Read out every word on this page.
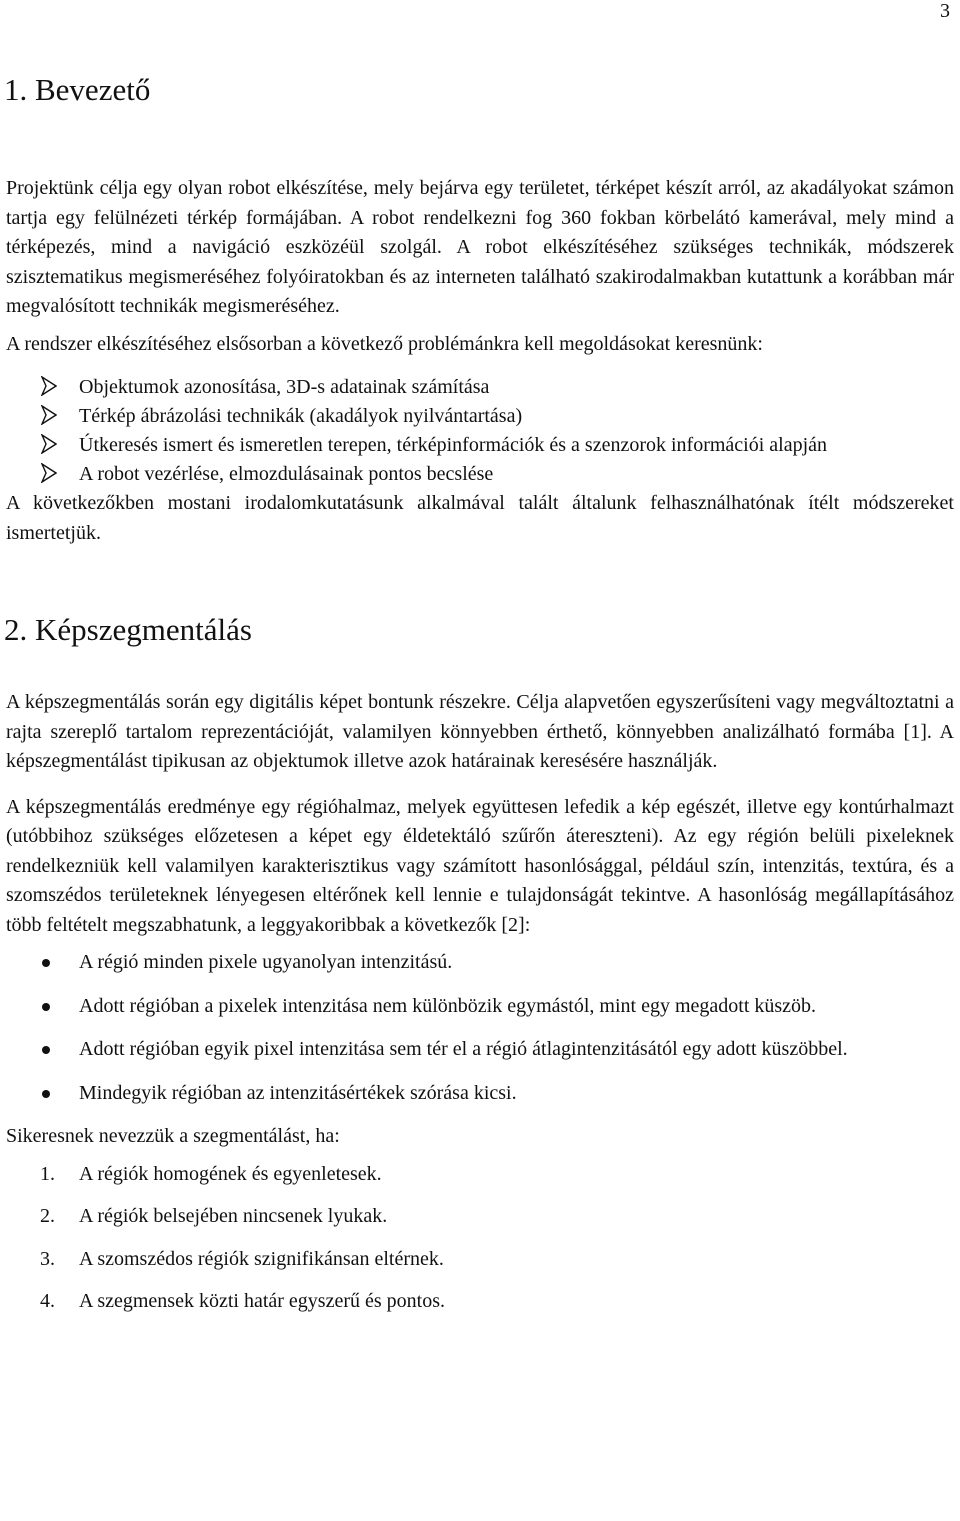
3
1. Bevezető

Projektünk célja egy olyan robot elkészítése, mely bejárva egy területet, térképet készít arról, az akadályokat számon tartja egy felülnézeti térkép formájában. A robot rendelkezni fog 360 fokban körbelátó kamerával, mely mind a térképezés, mind a navigáció eszközéül szolgál. A robot elkészítéséhez szükséges technikák, módszerek szisztematikus megismeréséhez folyóiratokban és az interneten található szakirodalmakban kutattunk a korábban már megvalósított technikák megismeréséhez.

A rendszer elkészítéséhez elsősorban a következő problémánkra kell megoldásokat keresnünk:

Objektumok azonosítása, 3D-s adatainak számítása
Térkép ábrázolási technikák (akadályok nyilvántartása)
Útkeresés ismert és ismeretlen terepen, térképinformációk és a szenzorok információi alapján
A robot vezérlése, elmozdulásainak pontos becslése

A következőkben mostani irodalomkutatásunk alkalmával talált általunk felhasználhatónak ítélt módszereket ismertetjük.

2. Képszegmentálás

A képszegmentálás során egy digitális képet bontunk részekre. Célja alapvetően egyszerűsíteni vagy megváltoztatni a rajta szereplő tartalom reprezentációját, valamilyen könnyebben érthető, könnyebben analizálható formába [1]. A képszegmentálást tipikusan az objektumok illetve azok határainak keresésére használják.

A képszegmentálás eredménye egy régióhalmaz, melyek együttesen lefedik a kép egészét, illetve egy kontúrhalmazt (utóbbihoz szükséges előzetesen a képet egy éldetektáló szűrőn átereszteni). Az egy régión belüli pixeleknek rendelkezniük kell valamilyen karakterisztikus vagy számított hasonlósággal, például szín, intenzitás, textúra, és a szomszédos területeknek lényegesen eltérőnek kell lennie e tulajdonságát tekintve. A hasonlóság megállapításához több feltételt megszabhatunk, a leggyakoribbak a következők [2]:

A régió minden pixele ugyanolyan intenzitású.
Adott régióban a pixelek intenzitása nem különbözik egymástól, mint egy megadott küszöb.
Adott régióban egyik pixel intenzitása sem tér el a régió átlagintenzitásától egy adott küszöbbel.
Mindegyik régióban az intenzitásértékek szórása kicsi.

Sikeresnek nevezzük a szegmentálást, ha:

1. A régiók homogének és egyenletesek.
2. A régiók belsejében nincsenek lyukak.
3. A szomszédos régiók szignifikánsan eltérnek.
4. A szegmensek közti határ egyszerű és pontos.
